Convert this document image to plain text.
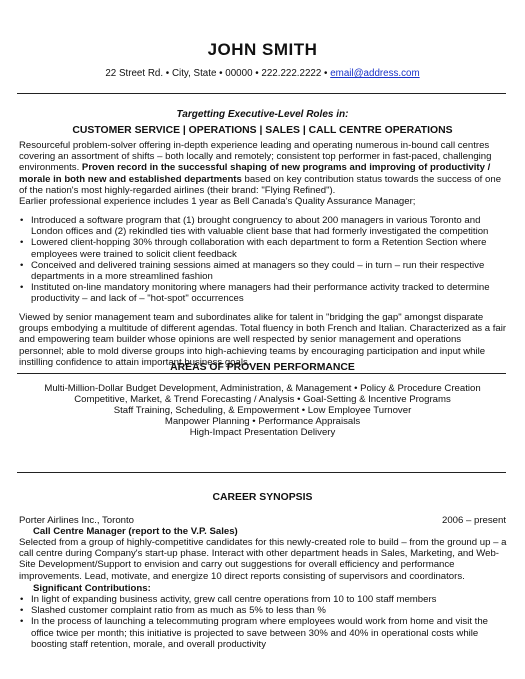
JOHN SMITH
22 Street Rd. • City, State • 00000 • 222.222.2222 • email@address.com
Targetting Executive-Level Roles in:
CUSTOMER SERVICE | OPERATIONS | SALES | CALL CENTRE OPERATIONS

Resourceful problem-solver offering in-depth experience leading and operating numerous in-bound call centres covering an assortment of shifts – both locally and remotely; consistent top performer in fast-paced, challenging environments. Proven record in the successful shaping of new programs and improving of productivity / morale in both new and established departments based on key contribution status towards the success of one of the nation's most highly-regarded airlines (their brand: "Flying Refined").

Earlier professional experience includes 1 year as Bell Canada's Quality Assurance Manager;

• Introduced a software program that (1) brought congruency to about 200 managers in various Toronto and London offices and (2) rekindled ties with valuable client base that had formerly investigated the competition
• Lowered client-hopping 30% through collaboration with each department to form a Retention Section where employees were trained to solicit client feedback
• Conceived and delivered training sessions aimed at managers so they could – in turn – run their respective departments in a more streamlined fashion
• Instituted on-line mandatory monitoring where managers had their performance activity tracked to determine productivity – and lack of – "hot-spot" occurrences

Viewed by senior management team and subordinates alike for talent in "bridging the gap" amongst disparate groups embodying a multitude of different agendas. Total fluency in both French and Italian. Characterized as a fair and empowering team builder whose opinions are well respected by senior management and operations personnel; able to mold diverse groups into high-achieving teams by encouraging participation and input while instilling confidence to attain important business goals.

AREAS OF PROVEN PERFORMANCE
Multi-Million-Dollar Budget Development, Administration, & Management • Policy & Procedure Creation
Competitive, Market, & Trend Forecasting / Analysis • Goal-Setting & Incentive Programs
Staff Training, Scheduling, & Empowerment • Low Employee Turnover
Manpower Planning • Performance Appraisals
High-Impact Presentation Delivery
CAREER SYNOPSIS
Porter Airlines Inc., Toronto	2006 – present
Call Centre Manager (report to the V.P. Sales)

Selected from a group of highly-competitive candidates for this newly-created role to build – from the ground up – a call centre during Company's start-up phase. Interact with other department heads in Sales, Marketing, and Web-Site Development/Support to envision and carry out suggestions for overall efficiency and performance improvements. Lead, motivate, and energize 10 direct reports consisting of supervisors and coordinators.

Significant Contributions:
• In light of expanding business activity, grew call centre operations from 10 to 100 staff members
• Slashed customer complaint ratio from as much as 5% to less than %
• In the process of launching a telecommuting program where employees would work from home and visit the office twice per month; this initiative is projected to save between 30% and 40% in operational costs while boosting staff retention, morale, and overall productivity
